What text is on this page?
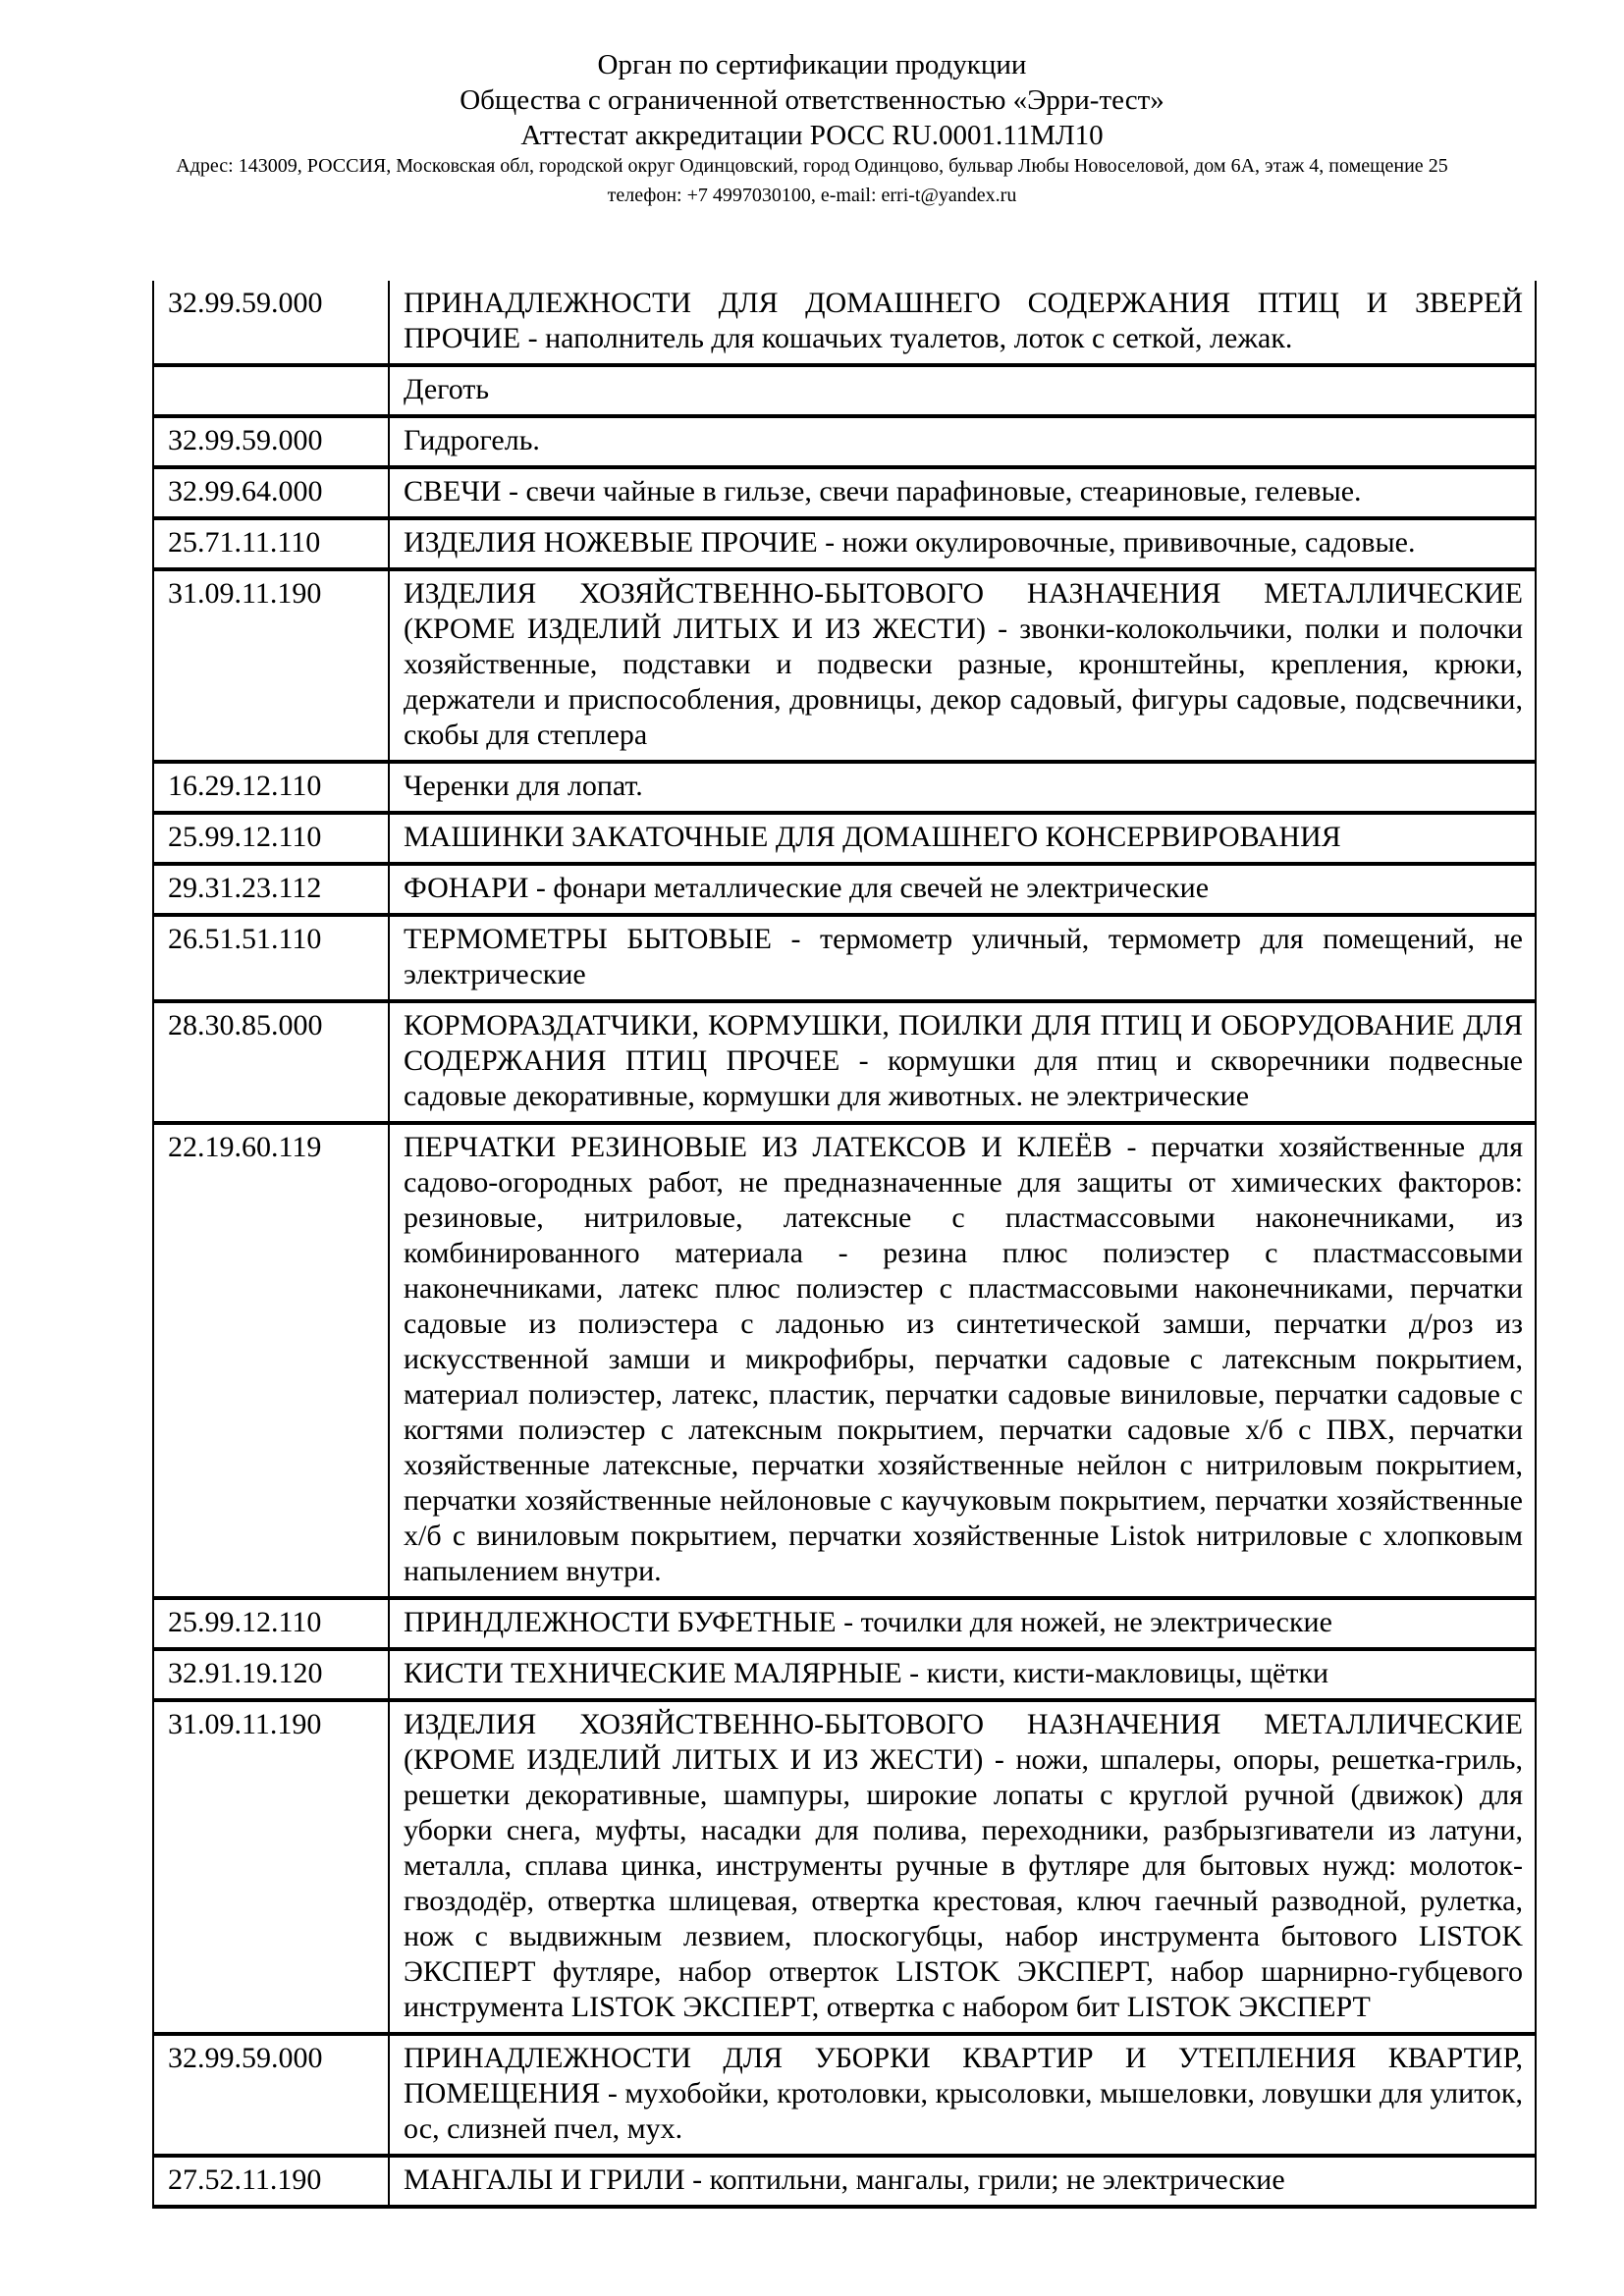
Орган по сертификации продукции
Общества с ограниченной ответственностью «Эрри-тест»
Аттестат аккредитации РОСС RU.0001.11МЛ10
Адрес: 143009, РОССИЯ, Московская обл, городской округ Одинцовский, город Одинцово, бульвар Любы Новоселовой, дом 6А, этаж 4, помещение 25
телефон: +7 4997030100, e-mail: erri-t@yandex.ru
32.99.59.000	ПРИНАДЛЕЖНОСТИ ДЛЯ ДОМАШНЕГО СОДЕРЖАНИЯ ПТИЦ И ЗВЕРЕЙ ПРОЧИЕ - наполнитель для кошачьих туалетов, лоток с сеткой, лежак.
	Деготь
32.99.59.000	Гидрогель.
32.99.64.000	СВЕЧИ - свечи чайные в гильзе, свечи парафиновые, стеариновые, гелевые.
25.71.11.110	ИЗДЕЛИЯ НОЖЕВЫЕ ПРОЧИЕ - ножи окулировочные, прививочные, садовые.
31.09.11.190	ИЗДЕЛИЯ ХОЗЯЙСТВЕННО-БЫТОВОГО НАЗНАЧЕНИЯ МЕТАЛЛИЧЕСКИЕ (КРОМЕ ИЗДЕЛИЙ ЛИТЫХ И ИЗ ЖЕСТИ) - звонки-колокольчики, полки и полочки хозяйственные, подставки и подвески разные, кронштейны, крепления, крюки, держатели и приспособления, дровницы, декор садовый, фигуры садовые, подсвечники, скобы для степлера
16.29.12.110	Черенки для лопат.
25.99.12.110	МАШИНКИ ЗАКАТОЧНЫЕ ДЛЯ ДОМАШНЕГО КОНСЕРВИРОВАНИЯ
29.31.23.112	ФОНАРИ - фонари металлические для свечей не электрические
26.51.51.110	ТЕРМОМЕТРЫ БЫТОВЫЕ - термометр уличный, термометр для помещений, не электрические
28.30.85.000	КОРМОРАЗДАТЧИКИ, КОРМУШКИ, ПОИЛКИ ДЛЯ ПТИЦ И ОБОРУДОВАНИЕ ДЛЯ СОДЕРЖАНИЯ ПТИЦ ПРОЧЕЕ - кормушки для птиц и скворечники подвесные садовые декоративные, кормушки для животных. не электрические
22.19.60.119	ПЕРЧАТКИ РЕЗИНОВЫЕ ИЗ ЛАТЕКСОВ И КЛЕЁВ - перчатки хозяйственные для садово-огородных работ, не предназначенные для защиты от химических факторов: резиновые, нитриловые, латексные с пластмассовыми наконечниками, из комбинированного материала - резина плюс полиэстер с пластмассовыми наконечниками, латекс плюс полиэстер с пластмассовыми наконечниками, перчатки садовые из полиэстера с ладонью из синтетической замши, перчатки д/роз из искусственной замши и микрофибры, перчатки садовые с латексным покрытием, материал полиэстер, латекс, пластик, перчатки садовые виниловые, перчатки садовые с когтями полиэстер с латексным покрытием, перчатки садовые х/б с ПВХ, перчатки хозяйственные латексные, перчатки хозяйственные нейлон с нитриловым покрытием, перчатки хозяйственные нейлоновые с каучуковым покрытием, перчатки хозяйственные х/б с виниловым покрытием, перчатки хозяйственные Listok нитриловые с хлопковым напылением внутри.
25.99.12.110	ПРИНДЛЕЖНОСТИ БУФЕТНЫЕ - точилки для ножей, не электрические
32.91.19.120	КИСТИ ТЕХНИЧЕСКИЕ МАЛЯРНЫЕ - кисти, кисти-макловицы, щётки
31.09.11.190	ИЗДЕЛИЯ ХОЗЯЙСТВЕННО-БЫТОВОГО НАЗНАЧЕНИЯ МЕТАЛЛИЧЕСКИЕ (КРОМЕ ИЗДЕЛИЙ ЛИТЫХ И ИЗ ЖЕСТИ) - ножи, шпалеры, опоры, решетка-гриль, решетки декоративные, шампуры, широкие лопаты с круглой ручной (движок) для уборки снега, муфты, насадки для полива, переходники, разбрызгиватели из латуни, металла, сплава цинка, инструменты ручные в футляре для бытовых нужд: молоток-гвоздодёр, отвертка шлицевая, отвертка крестовая, ключ гаечный разводной, рулетка, нож с выдвижным лезвием, плоскогубцы, набор инструмента бытового LISTOK ЭКСПЕРТ футляре, набор отверток LISTOK ЭКСПЕРТ, набор шарнирно-губцевого инструмента LISTOK ЭКСПЕРТ, отвертка с набором бит LISTOK ЭКСПЕРТ
32.99.59.000	ПРИНАДЛЕЖНОСТИ ДЛЯ УБОРКИ КВАРТИР И УТЕПЛЕНИЯ КВАРТИР, ПОМЕЩЕНИЯ - мухобойки, кротоловки, крысоловки, мышеловки, ловушки для улиток, ос, слизней пчел, мух.
27.52.11.190	МАНГАЛЫ И ГРИЛИ - коптильни, мангалы, грили; не электрические
